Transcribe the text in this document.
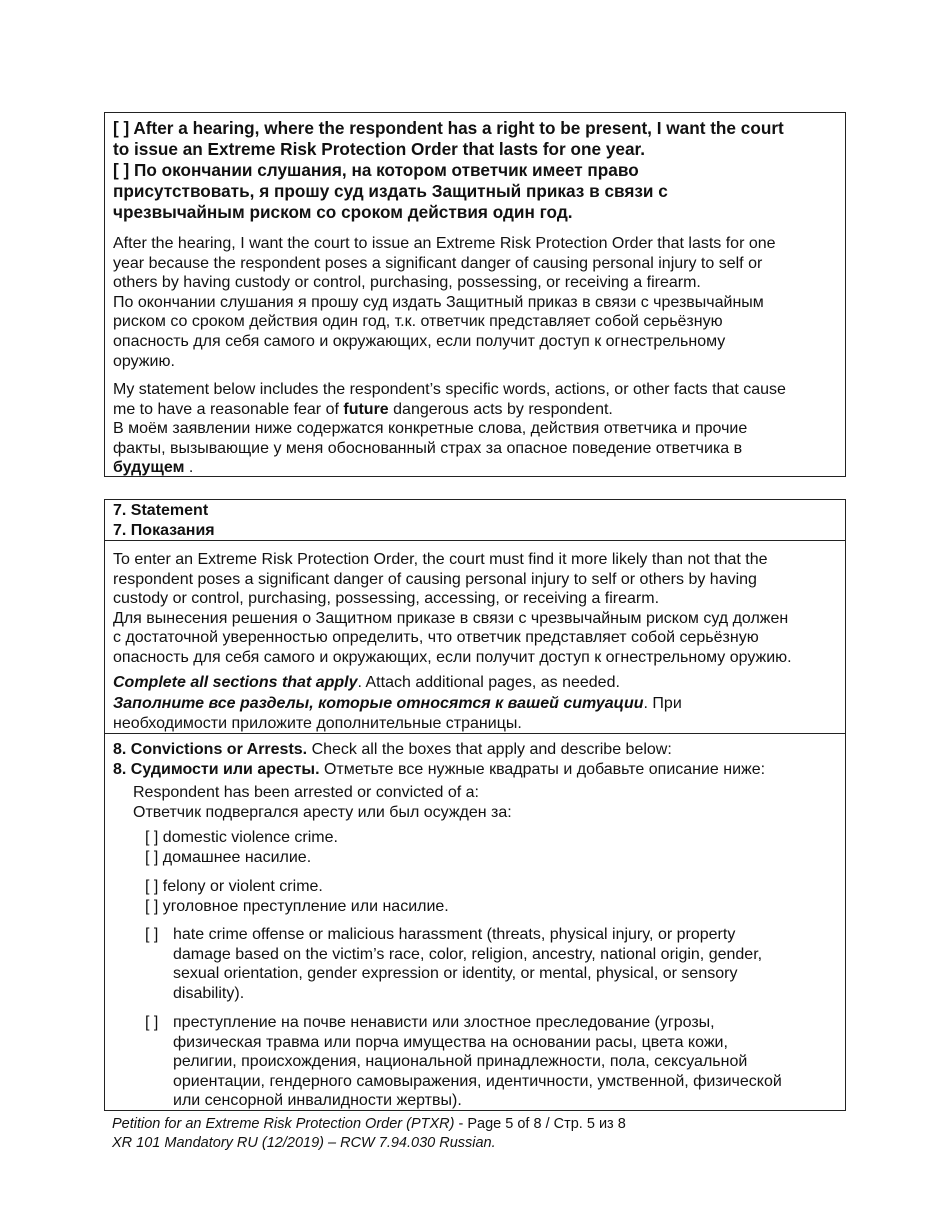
[ ] After a hearing, where the respondent has a right to be present, I want the court
to issue an Extreme Risk Protection Order that lasts for one year.
[ ] По окончании слушания, на котором ответчик имеет право
присутствовать, я прошу суд издать Защитный приказ в связи с
чрезвычайным риском со сроком действия один год.
After the hearing, I want the court to issue an Extreme Risk Protection Order that lasts for one
year because the respondent poses a significant danger of causing personal injury to self or
others by having custody or control, purchasing, possessing, or receiving a firearm.
По окончании слушания я прошу суд издать Защитный приказ в связи с чрезвычайным
риском со сроком действия один год, т.к. ответчик представляет собой серьёзную
опасность для себя самого и окружающих, если получит доступ к огнестрельному
оружию.
My statement below includes the respondent’s specific words, actions, or other facts that cause
me to have a reasonable fear of future dangerous acts by respondent.
В моём заявлении ниже содержатся конкретные слова, действия ответчика и прочие
факты, вызывающие у меня обоснованный страх за опасное поведение ответчика в
будущем .
7. Statement
7. Показания
To enter an Extreme Risk Protection Order, the court must find it more likely than not that the
respondent poses a significant danger of causing personal injury to self or others by having
custody or control, purchasing, possessing, accessing, or receiving a firearm.
Для вынесения решения о Защитном приказе в связи с чрезвычайным риском суд должен
с достаточной уверенностью определить, что ответчик представляет собой серьёзную
опасность для себя самого и окружающих, если получит доступ к огнестрельному оружию.
Complete all sections that apply. Attach additional pages, as needed.
Заполните все разделы, которые относятся к вашей ситуации. При
необходимости приложите дополнительные страницы.
8. Convictions or Arrests. Check all the boxes that apply and describe below:
8. Судимости или аресты. Отметьте все нужные квадраты и добавьте описание ниже:
Respondent has been arrested or convicted of a:
Ответчик подвергался аресту или был осужден за:
[ ] domestic violence crime.
[ ] домашнее насилие.
[ ] felony or violent crime.
[ ] уголовное преступление или насилие.
[ ] hate crime offense or malicious harassment (threats, physical injury, or property
damage based on the victim’s race, color, religion, ancestry, national origin, gender,
sexual orientation, gender expression or identity, or mental, physical, or sensory
disability).
[ ] преступление на почве ненависти или злостное преследование (угрозы,
физическая травма или порча имущества на основании расы, цвета кожи,
религии, происхождения, национальной принадлежности, пола, сексуальной
ориентации, гендерного самовыражения, идентичности, умственной, физической
или сенсорной инвалидности жертвы).
Petition for an Extreme Risk Protection Order (PTXR) - Page 5 of 8 / Стр. 5 из 8
XR 101 Mandatory RU (12/2019) – RCW 7.94.030 Russian.
